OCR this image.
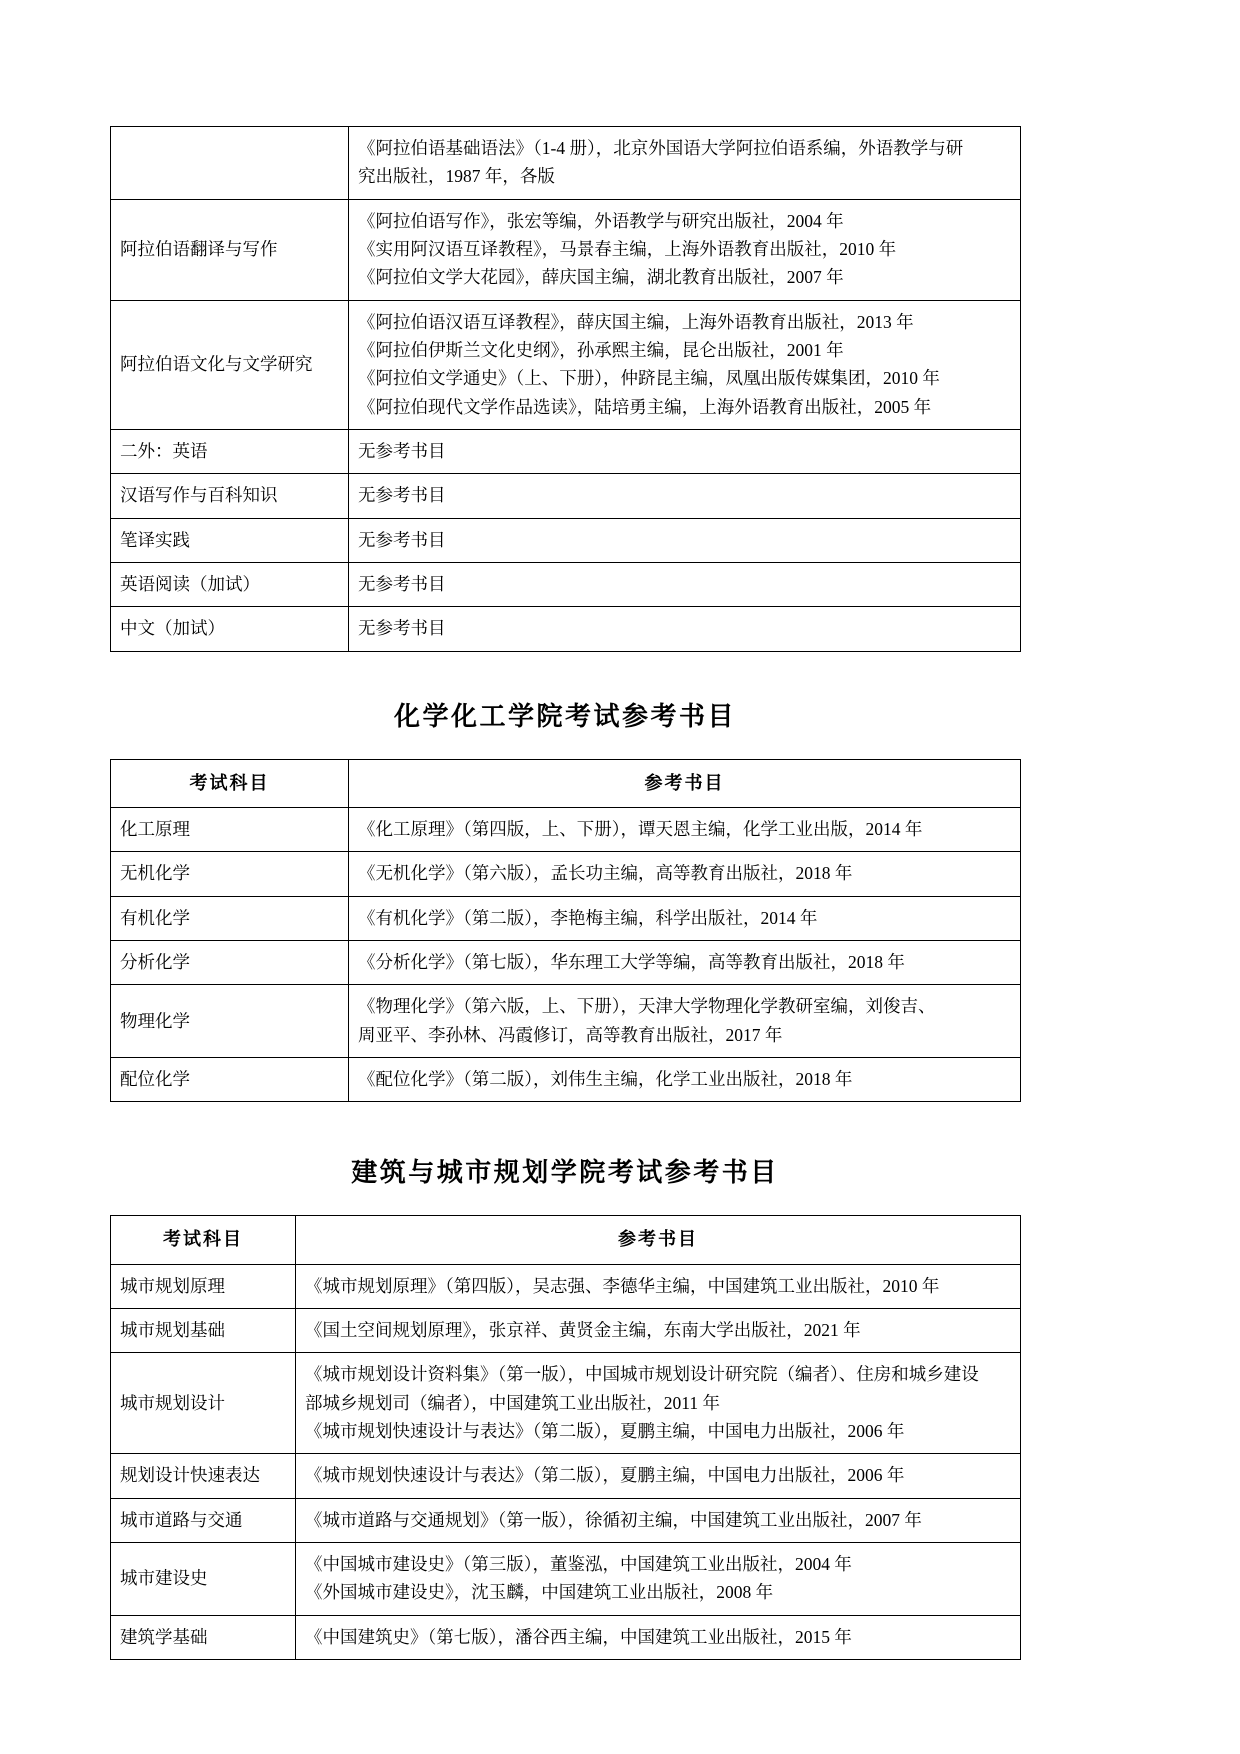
	《阿拉伯语基础语法》（1-4 册），北京外国语大学阿拉伯语系编，外语教学与研
究出版社，1987 年，各版

阿拉伯语翻译与写作	《阿拉伯语写作》，张宏等编，外语教学与研究出版社，2004 年
《实用阿汉语互译教程》，马景春主编，上海外语教育出版社，2010 年
《阿拉伯文学大花园》，薛庆国主编，湖北教育出版社，2007 年

阿拉伯语文化与文学研究	《阿拉伯语汉语互译教程》，薛庆国主编，上海外语教育出版社，2013 年
《阿拉伯伊斯兰文化史纲》，孙承熙主编，昆仑出版社，2001 年
《阿拉伯文学通史》（上、下册），仲跻昆主编，凤凰出版传媒集团，2010 年
《阿拉伯现代文学作品选读》，陆培勇主编，上海外语教育出版社，2005 年

二外：英语	无参考书目

汉语写作与百科知识	无参考书目

笔译实践	无参考书目

英语阅读（加试）	无参考书目

中文（加试）	无参考书目
化学化工学院考试参考书目
考试科目	参考书目
化工原理	《化工原理》（第四版，上、下册），谭天恩主编，化学工业出版，2014 年

无机化学	《无机化学》（第六版），孟长功主编，高等教育出版社，2018 年

有机化学	《有机化学》（第二版），李艳梅主编，科学出版社，2014 年

分析化学	《分析化学》（第七版），华东理工大学等编，高等教育出版社，2018 年

物理化学	《物理化学》（第六版，上、下册），天津大学物理化学教研室编，刘俊吉、
周亚平、李孙林、冯霞修订，高等教育出版社，2017 年

配位化学	《配位化学》（第二版），刘伟生主编，化学工业出版社，2018 年
建筑与城市规划学院考试参考书目
考试科目	参考书目
城市规划原理	《城市规划原理》（第四版），吴志强、李德华主编，中国建筑工业出版社，2010 年

城市规划基础	《国土空间规划原理》，张京祥、黄贤金主编，东南大学出版社，2021 年

城市规划设计	《城市规划设计资料集》（第一版），中国城市规划设计研究院（编者）、住房和城乡建设
部城乡规划司（编者），中国建筑工业出版社，2011 年
《城市规划快速设计与表达》（第二版），夏鹏主编，中国电力出版社，2006 年

规划设计快速表达	《城市规划快速设计与表达》（第二版），夏鹏主编，中国电力出版社，2006 年

城市道路与交通	《城市道路与交通规划》（第一版），徐循初主编，中国建筑工业出版社，2007 年

城市建设史	《中国城市建设史》（第三版），董鉴泓，中国建筑工业出版社，2004 年
《外国城市建设史》，沈玉麟，中国建筑工业出版社，2008 年

建筑学基础	《中国建筑史》（第七版），潘谷西主编，中国建筑工业出版社，2015 年
